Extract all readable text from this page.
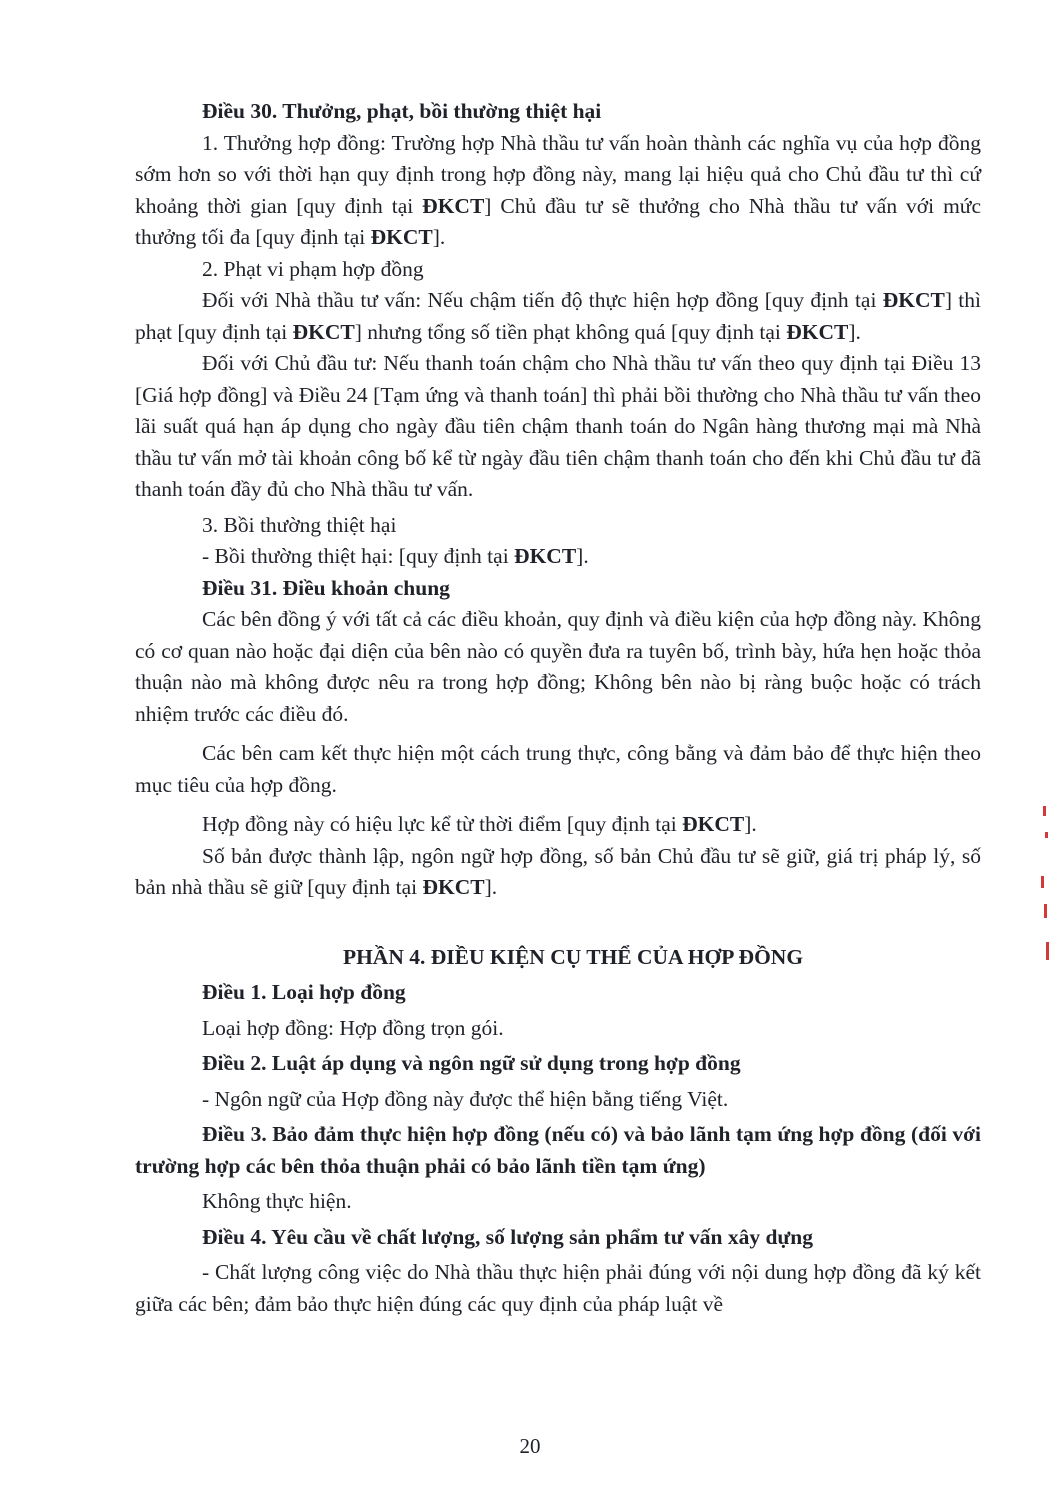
Điều 30. Thưởng, phạt, bồi thường thiệt hại

1. Thưởng hợp đồng: Trường hợp Nhà thầu tư vấn hoàn thành các nghĩa vụ của hợp đồng sớm hơn so với thời hạn quy định trong hợp đồng này, mang lại hiệu quả cho Chủ đầu tư thì cứ khoảng thời gian [quy định tại ĐKCT] Chủ đầu tư sẽ thưởng cho Nhà thầu tư vấn với mức thưởng tối đa [quy định tại ĐKCT].

2. Phạt vi phạm hợp đồng

Đối với Nhà thầu tư vấn: Nếu chậm tiến độ thực hiện hợp đồng [quy định tại ĐKCT] thì phạt [quy định tại ĐKCT] nhưng tổng số tiền phạt không quá [quy định tại ĐKCT].

Đối với Chủ đầu tư: Nếu thanh toán chậm cho Nhà thầu tư vấn theo quy định tại Điều 13 [Giá hợp đồng] và Điều 24 [Tạm ứng và thanh toán] thì phải bồi thường cho Nhà thầu tư vấn theo lãi suất quá hạn áp dụng cho ngày đầu tiên chậm thanh toán do Ngân hàng thương mại mà Nhà thầu tư vấn mở tài khoản công bố kể từ ngày đầu tiên chậm thanh toán cho đến khi Chủ đầu tư đã thanh toán đầy đủ cho Nhà thầu tư vấn.

3. Bồi thường thiệt hại

- Bồi thường thiệt hại: [quy định tại ĐKCT].

Điều 31. Điều khoản chung

Các bên đồng ý với tất cả các điều khoản, quy định và điều kiện của hợp đồng này. Không có cơ quan nào hoặc đại diện của bên nào có quyền đưa ra tuyên bố, trình bày, hứa hẹn hoặc thỏa thuận nào mà không được nêu ra trong hợp đồng; Không bên nào bị ràng buộc hoặc có trách nhiệm trước các điều đó.

Các bên cam kết thực hiện một cách trung thực, công bằng và đảm bảo để thực hiện theo mục tiêu của hợp đồng.

Hợp đồng này có hiệu lực kể từ thời điểm [quy định tại ĐKCT].

Số bản được thành lập, ngôn ngữ hợp đồng, số bản Chủ đầu tư sẽ giữ, giá trị pháp lý, số bản nhà thầu sẽ giữ [quy định tại ĐKCT].

PHẦN 4. ĐIỀU KIỆN CỤ THỂ CỦA HỢP ĐỒNG

Điều 1. Loại hợp đồng

Loại hợp đồng: Hợp đồng trọn gói.

Điều 2. Luật áp dụng và ngôn ngữ sử dụng trong hợp đồng

- Ngôn ngữ của Hợp đồng này được thể hiện bằng tiếng Việt.

Điều 3. Bảo đảm thực hiện hợp đồng (nếu có) và bảo lãnh tạm ứng hợp đồng (đối với trường hợp các bên thỏa thuận phải có bảo lãnh tiền tạm ứng)

Không thực hiện.

Điều 4. Yêu cầu về chất lượng, số lượng sản phẩm tư vấn xây dựng

- Chất lượng công việc do Nhà thầu thực hiện phải đúng với nội dung hợp đồng đã ký kết giữa các bên; đảm bảo thực hiện đúng các quy định của pháp luật về

20
